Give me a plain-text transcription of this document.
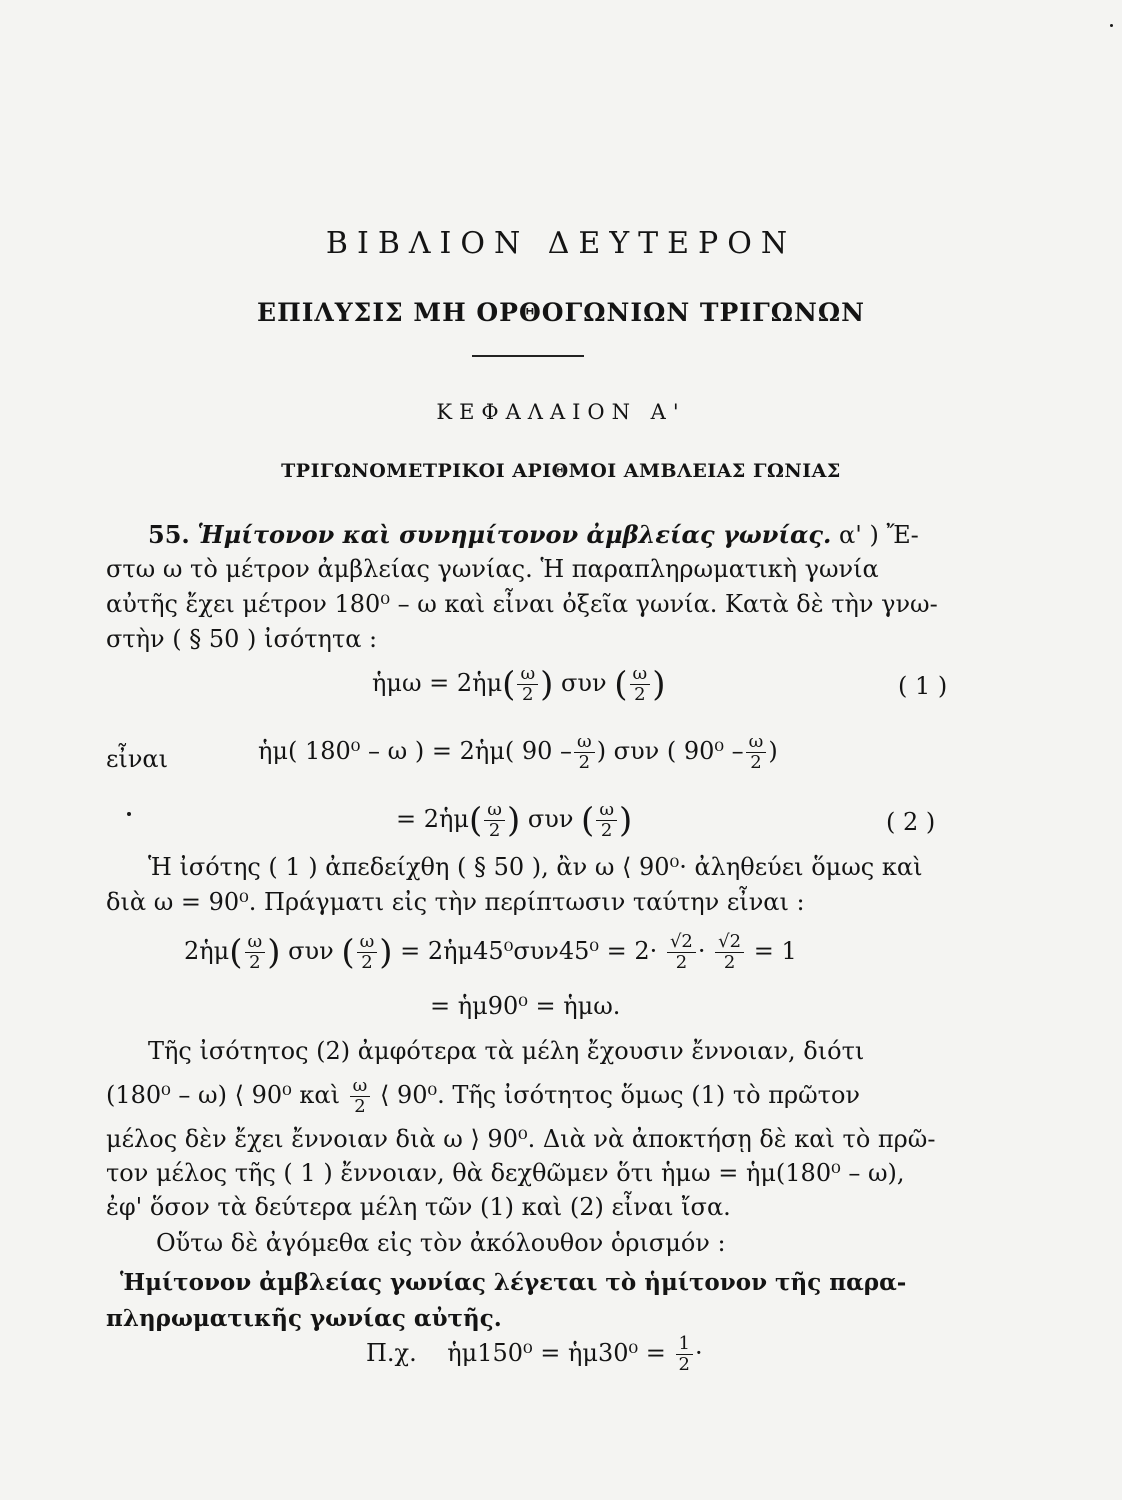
ΒΙΒΛΙΟΝ ΔΕΥΤΕΡΟΝ
ΕΠΙΛΥΣΙΣ ΜΗ ΟΡΘΟΓΩΝΙΩΝ ΤΡΙΓΩΝΩΝ
ΚΕΦΑΛΑΙΟΝ Α'
ΤΡΙΓΩΝΟΜΕΤΡΙΚΟΙ ΑΡΙΘΜΟΙ ΑΜΒΛΕΙΑΣ ΓΩΝΙΑΣ
55. Ἡμίτονον καὶ συνημίτονον ἀμβλείας γωνίας. α' ) Ἔ-
στω ω τὸ μέτρον ἀμβλείας γωνίας. Ἡ παραπληρωματικὴ γωνία
αὐτῆς ἔχει μέτρον 180⁰ – ω καὶ εἶναι ὀξεῖα γωνία. Κατὰ δὲ τὴν γνω-
στὴν ( § 50 ) ἰσότητα :
ἡμω = 2ἡμ( $\frac{\omega}{2}$ ) συν ( $\frac{\omega}{2}$ )	( 1 )
εἶναι	ἡμ( 180⁰ – ω ) = 2ἡμ( $90 - \frac{\omega}{2}$ ) συν ( $90^0 - \frac{\omega}{2}$ )
= 2ἡμ( $\frac{\omega}{2}$ ) συν ( $\frac{\omega}{2}$ )	( 2 )
Ἡ ἰσότης ( 1 ) ἀπεδείχθη ( § 50 ), ἂν ω ⟨ 90⁰· ἀληθεύει ὅμως καὶ
διὰ ω = 90⁰. Πράγματι εἰς τὴν περίπτωσιν ταύτην εἶναι :
2ἡμ( $\frac{\omega}{2}$ ) συν ( $\frac{\omega}{2}$ ) = 2ἡμ45⁰συν45⁰ = $2\cdot \frac{√2}{2} \cdot \frac{√2}{2} = 1$
= ἡμ90⁰ = ἡμω.
Τῆς ἰσότητος (2) ἀμφότερα τὰ μέλη ἔχουσιν ἔννοιαν, διότι
(180⁰ – ω) ⟨ 90⁰ καὶ $\frac{\omega}{2}$ ⟨ 90⁰. Τῆς ἰσότητος ὅμως (1) τὸ πρῶτον
μέλος δὲν ἔχει ἔννοιαν διὰ ω ⟩ 90⁰. Διὰ νὰ ἀποκτήσῃ δὲ καὶ τὸ πρῶ-
τον μέλος τῆς ( 1 ) ἔννοιαν, θὰ δεχθῶμεν ὅτι ἡμω = ἡμ(180⁰ – ω),
ἐφ' ὅσον τὰ δεύτερα μέλη τῶν (1) καὶ (2) εἶναι ἴσα.
Οὕτω δὲ ἀγόμεθα εἰς τὸν ἀκόλουθον ὁρισμόν :
Ἡμίτονον ἀμβλείας γωνίας λέγεται τὸ ἡμίτονον τῆς παρα-
πληρωματικῆς γωνίας αὐτῆς.
Π.χ. ἡμ150⁰ = ἡμ30⁰ = $\frac{1}{2}$ ·
